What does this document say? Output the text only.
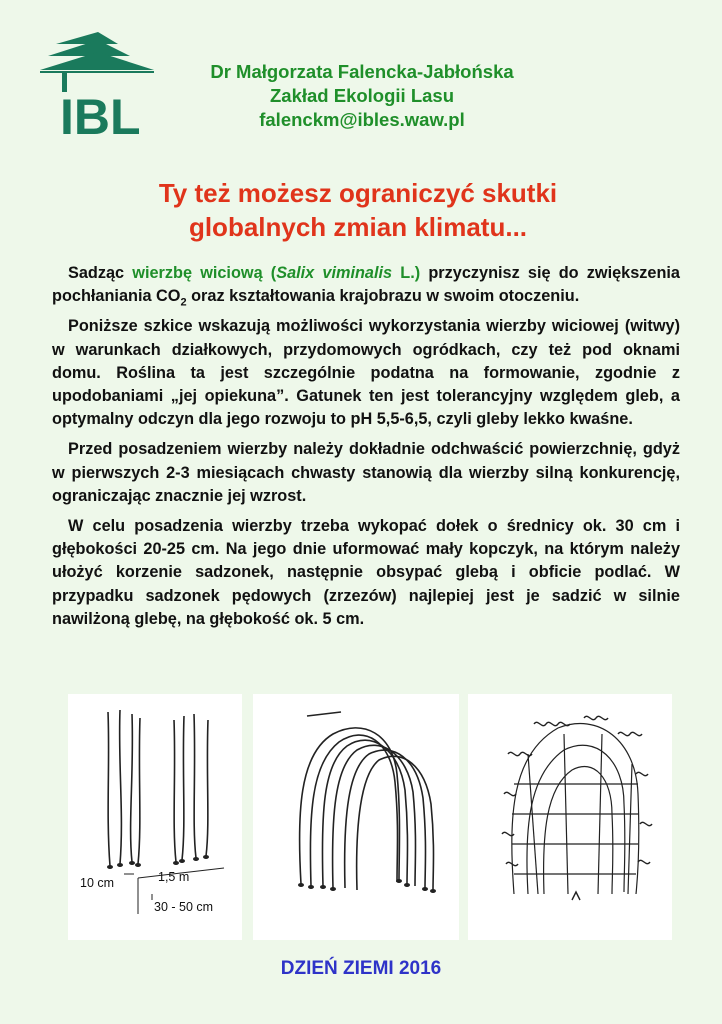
IBL
Dr Małgorzata Falencka-Jabłońska
Zakład Ekologii Lasu
falenckm@ibles.waw.pl
Ty też możesz ograniczyć skutki
globalnych zmian klimatu...

Sadząc wierzbę wiciową (Salix viminalis L.) przyczynisz się do zwiększenia pochłaniania $CO_2$ oraz kształtowania krajobrazu w swoim otoczeniu.

Poniższe szkice wskazują możliwości wykorzystania wierzby wiciowej (witwy) w warunkach działkowych, przydomowych ogródkach, czy też pod oknami domu. Roślina ta jest szczególnie podatna na formowanie, zgodnie z upodobaniami „jej opiekuna”. Gatunek ten jest tolerancyjny względem gleb, a optymalny odczyn dla jego rozwoju to pH 5,5-6,5, czyli gleby lekko kwaśne.

Przed posadzeniem wierzby należy dokładnie odchwaścić powierzchnię, gdyż w pierwszych 2-3 miesiącach chwasty stanowią dla wierzby silną konkurencję, ograniczając znacznie jej wzrost.

W celu posadzenia wierzby trzeba wykopać dołek o średnicy ok. 30 cm i głębokości 20-25 cm. Na jego dnie uformować mały kopczyk, na którym należy ułożyć korzenie sadzonek, następnie obsypać glebą i obficie podlać. W przypadku sadzonek pędowych (zrzezów) najlepiej jest je sadzić w silnie nawilżoną glebę, na głębokość ok. 5 cm.

10 cm	1,5 m
30 - 50 cm
DZIEŃ ZIEMI 2016
